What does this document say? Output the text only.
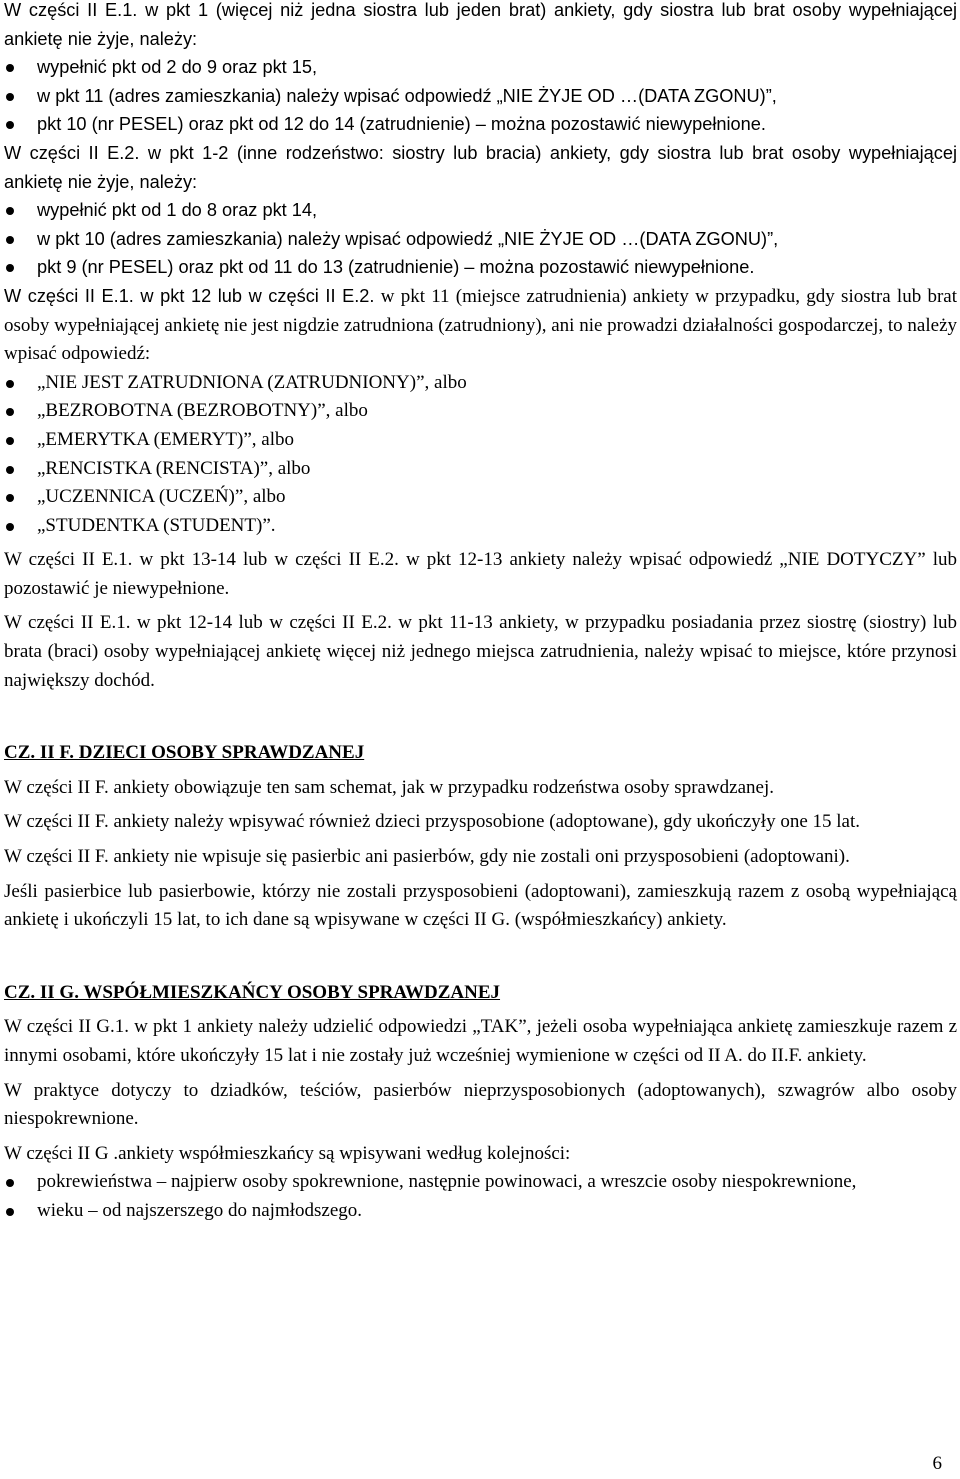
W części II E.1. w pkt 1 (więcej niż jedna siostra lub jeden brat) ankiety, gdy siostra lub brat osoby wypełniającej ankietę nie żyje, należy:

wypełnić pkt od 2 do 9 oraz pkt 15,
w pkt 11 (adres zamieszkania) należy wpisać odpowiedź „NIE ŻYJE OD …(DATA ZGONU)”,
pkt 10 (nr PESEL) oraz pkt od 12 do 14 (zatrudnienie) – można pozostawić niewypełnione.

W części II E.2. w pkt 1-2 (inne rodzeństwo: siostry lub bracia) ankiety, gdy siostra lub brat osoby wypełniającej ankietę nie żyje, należy:

wypełnić pkt od 1 do 8 oraz pkt 14,
w pkt 10 (adres zamieszkania) należy wpisać odpowiedź „NIE ŻYJE OD …(DATA ZGONU)”,
pkt 9 (nr PESEL) oraz pkt od 11 do 13 (zatrudnienie) – można pozostawić niewypełnione.

W części II E.1. w pkt 12 lub w części II E.2. w pkt 11 (miejsce zatrudnienia) ankiety w przypadku, gdy siostra lub brat osoby wypełniającej ankietę nie jest nigdzie zatrudniona (zatrudniony), ani nie prowadzi działalności gospodarczej, to należy wpisać odpowiedź:

„NIE JEST ZATRUDNIONA (ZATRUDNIONY)”, albo
„BEZROBOTNA (BEZROBOTNY)”, albo
„EMERYTKA (EMERYT)”, albo
„RENCISTKA (RENCISTA)”, albo
„UCZENNICA (UCZEŃ)”, albo
„STUDENTKA (STUDENT)”.

W części II E.1. w pkt 13-14 lub w części II E.2. w pkt 12-13 ankiety należy wpisać odpowiedź „NIE DOTYCZY” lub pozostawić je niewypełnione.

W części II E.1. w pkt 12-14 lub w części II E.2. w pkt 11-13 ankiety, w przypadku posiadania przez siostrę (siostry) lub brata (braci) osoby wypełniającej ankietę więcej niż jednego miejsca zatrudnienia, należy wpisać to miejsce, które przynosi największy dochód.

CZ. II F. DZIECI OSOBY SPRAWDZANEJ

W części II F. ankiety obowiązuje ten sam schemat, jak w przypadku rodzeństwa osoby sprawdzanej.

W części II F. ankiety należy wpisywać również dzieci przysposobione (adoptowane), gdy ukończyły one 15 lat.

W części II F. ankiety nie wpisuje się pasierbic ani pasierbów, gdy nie zostali oni przysposobieni (adoptowani).

Jeśli pasierbice lub pasierbowie, którzy nie zostali przysposobieni (adoptowani), zamieszkują razem z osobą wypełniającą ankietę i ukończyli 15 lat, to ich dane są wpisywane w części II G. (współmieszkańcy) ankiety.

CZ. II G. WSPÓŁMIESZKAŃCY OSOBY SPRAWDZANEJ

W części II G.1. w pkt 1 ankiety należy udzielić odpowiedzi „TAK”, jeżeli osoba wypełniająca ankietę zamieszkuje razem z innymi osobami, które ukończyły 15 lat i nie zostały już wcześniej wymienione w części od II A. do II.F. ankiety.

W praktyce dotyczy to dziadków, teściów, pasierbów nieprzysposobionych (adoptowanych), szwagrów albo osoby niespokrewnione.

W części II G .ankiety współmieszkańcy są wpisywani według kolejności:

pokrewieństwa – najpierw osoby spokrewnione, następnie powinowaci, a wreszcie osoby niespokrewnione,
wieku – od najszerszego do najmłodszego.
6
